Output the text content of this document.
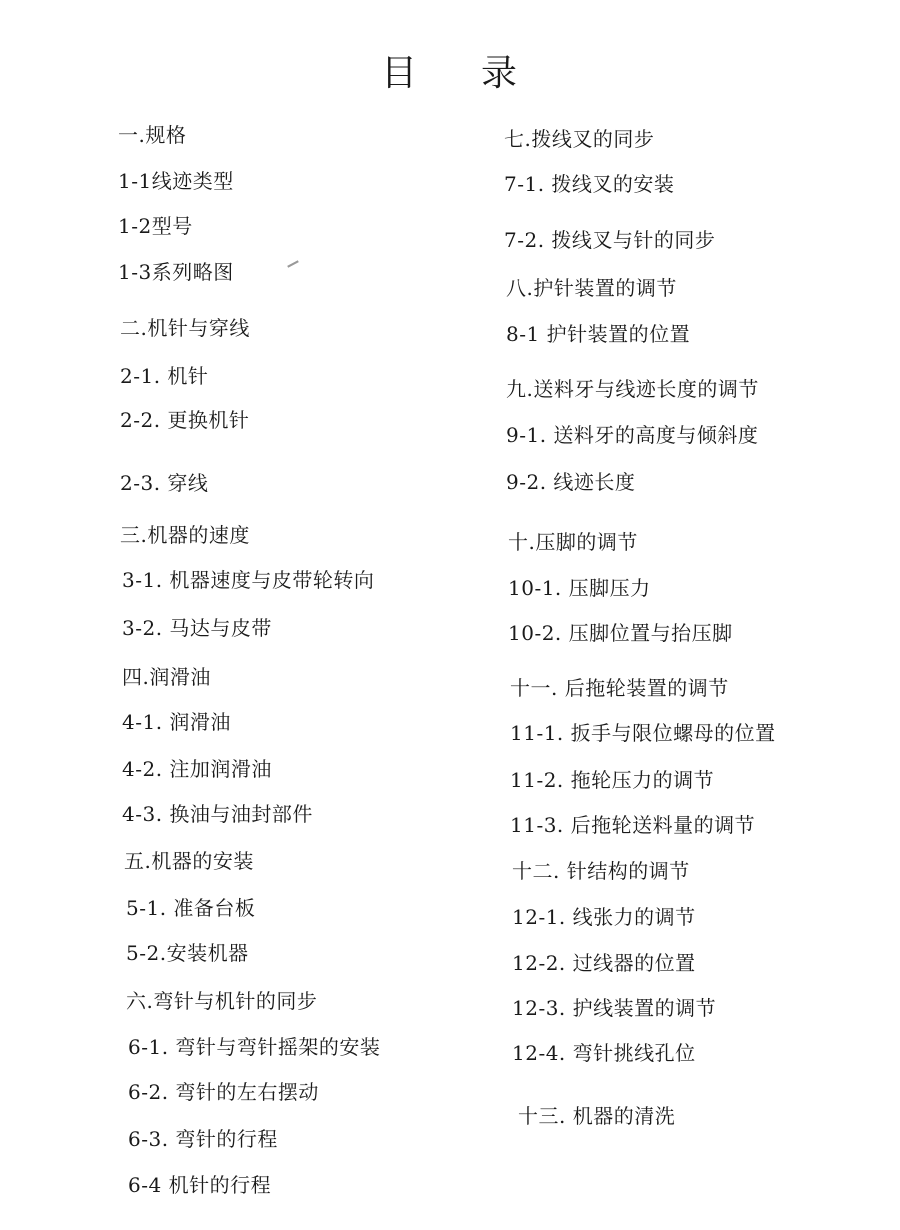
目 录
一.规格
1-1线迹类型
1-2型号
1-3系列略图
二.机针与穿线
2-1. 机针
2-2. 更换机针
2-3. 穿线
三.机器的速度
3-1. 机器速度与皮带轮转向
3-2. 马达与皮带
四.润滑油
4-1. 润滑油
4-2. 注加润滑油
4-3. 换油与油封部件
五.机器的安装
5-1. 准备台板
5-2.安装机器
六.弯针与机针的同步
6-1. 弯针与弯针摇架的安装
6-2. 弯针的左右摆动
6-3. 弯针的行程
6-4 机针的行程
七.拨线叉的同步
7-1. 拨线叉的安装
7-2. 拨线叉与针的同步
八.护针装置的调节
8-1 护针装置的位置
九.送料牙与线迹长度的调节
9-1. 送料牙的高度与倾斜度
9-2. 线迹长度
十.压脚的调节
10-1. 压脚压力
10-2. 压脚位置与抬压脚
十一. 后拖轮装置的调节
11-1. 扳手与限位螺母的位置
11-2. 拖轮压力的调节
11-3. 后拖轮送料量的调节
十二. 针结构的调节
12-1. 线张力的调节
12-2. 过线器的位置
12-3. 护线装置的调节
12-4. 弯针挑线孔位
十三. 机器的清洗
